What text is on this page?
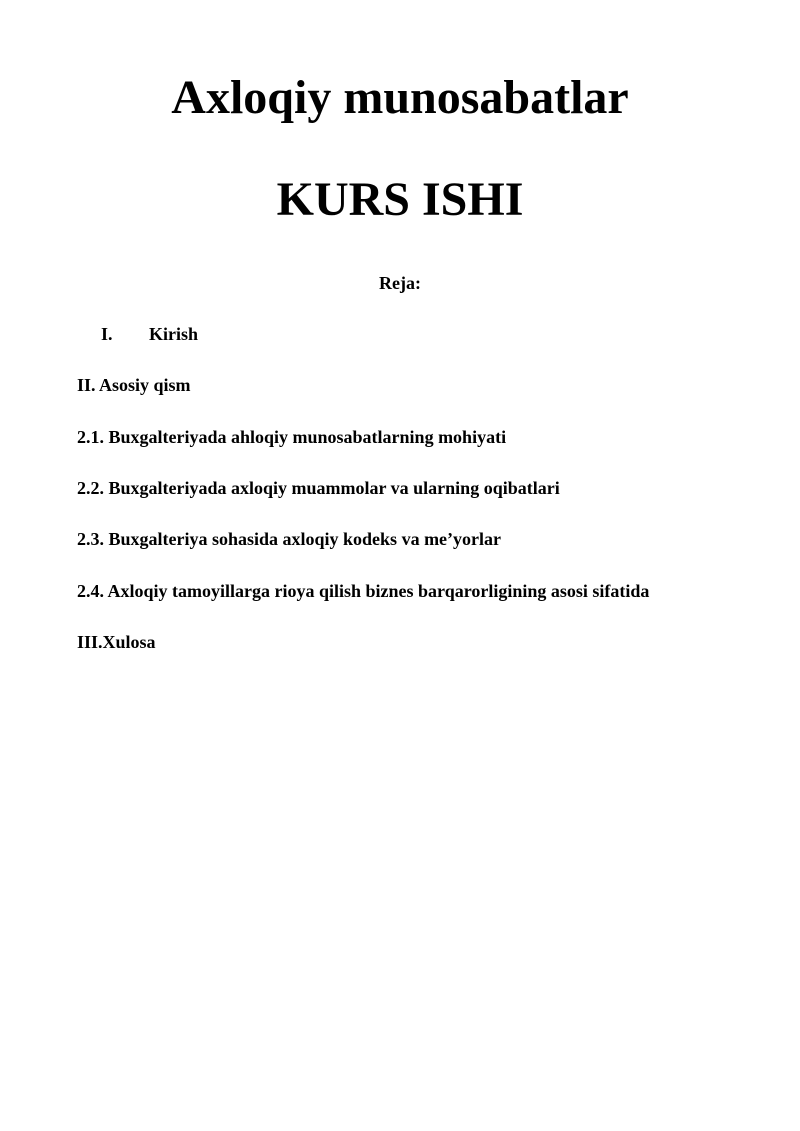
Axloqiy munosabatlar
KURS ISHI
Reja:
I. Kirish
II. Asosiy qism
2.1. Buxgalteriyada ahloqiy munosabatlarning mohiyati
2.2. Buxgalteriyada axloqiy muammolar va ularning oqibatlari
2.3. Buxgalteriya sohasida axloqiy kodeks va me’yorlar
2.4. Axloqiy tamoyillarga rioya qilish biznes barqarorligining asosi sifatida
III.Xulosa
